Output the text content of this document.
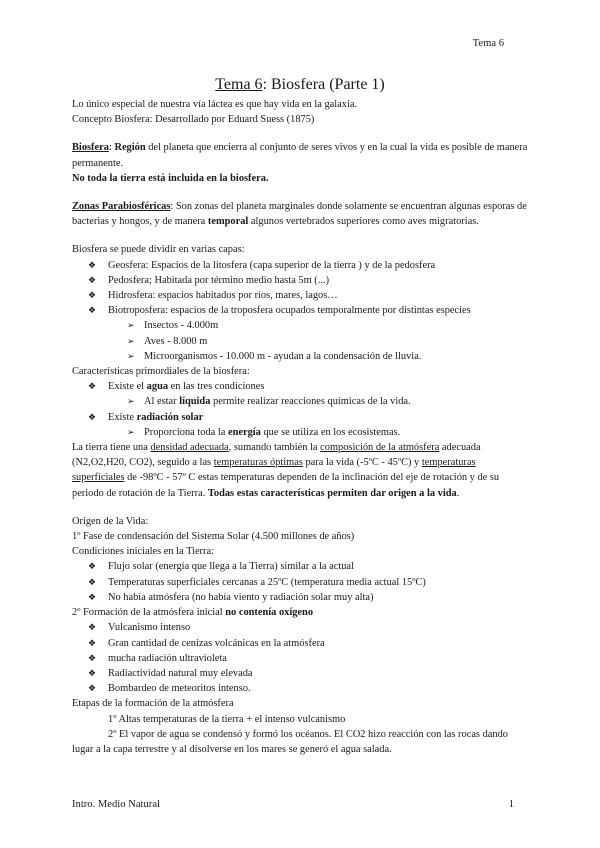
Tema 6
Tema 6: Biosfera (Parte 1)

Lo único especial de nuestra vía láctea es que hay vida en la galaxia.

Concepto Biosfera: Desarrollado por Eduard Suess (1875)

Biosfera: Región del planeta que encierra al conjunto de seres vivos y en la cual la vida es posible de manera permanente.

No toda la tierra está incluida en la biosfera.

Zonas Parabiosféricas: Son zonas del planeta marginales donde solamente se encuentran algunas esporas de bacterias y hongos, y de manera temporal algunos vertebrados superiores como aves migratorias.

Biosfera se puede dividir en varias capas:

❖ Geosfera: Espacios de la litosfera (capa superior de la tierra ) y de la pedosfera
❖ Pedosfera; Habitada por término medio hasta 5m (...)
❖ Hidrosfera: espacios habitados por ríos, mares, lagos…
❖ Biotroposfera: espacios de la troposfera ocupados temporalmente por distintas especies
➢ Insectos - 4.000m
➢ Aves - 8.000 m
➢ Microorganismos - 10.000 m - ayudan a la condensación de lluvia.

Características primordiales de la biosfera:

❖ Existe el agua en las tres condiciones
➢ Al estar líquida permite realizar reacciones químicas de la vida.
❖ Existe radiación solar
➢ Proporciona toda la energía que se utiliza en los ecosistemas.

La tierra tiene una densidad adecuada, sumando también la composición de la atmósfera adecuada (N2,O2,H20, CO2), seguido a las temperaturas óptimas para la vida (-5ºC - 45ºC) y temperaturas superficiales de -98ºC - 57º C estas temperaturas dependen de la inclinación del eje de rotación y de su periodo de rotación de la Tierra. Todas estas características permiten dar origen a la vida.

Origen de la Vida:

1º Fase de condensación del Sistema Solar (4.500 millones de años)

Condiciones iniciales en la Tierra:

❖ Flujo solar (energía que llega a la Tierra) similar a la actual
❖ Temperaturas superficiales cercanas a 25ºC (temperatura media actual 15ºC)
❖ No había atmósfera (no había viento y radiación solar muy alta)

2º Formación de la atmósfera inicial no contenía oxígeno

❖ Vulcanismo intenso
❖ Gran cantidad de cenizas volcánicas en la atmósfera
❖ mucha radiación ultravioleta
❖ Radiactividad natural muy elevada
❖ Bombardeo de meteoritos intenso.

Etapas de la formación de la atmósfera

1º Altas temperaturas de la tierra + el intenso vulcanismo

2º El vapor de agua se condensó y formó los océanos. El CO2 hizo reacción con las rocas dando lugar a la capa terrestre y al disolverse en los mares se generó el agua salada.

Intro. Medio Natural	1
